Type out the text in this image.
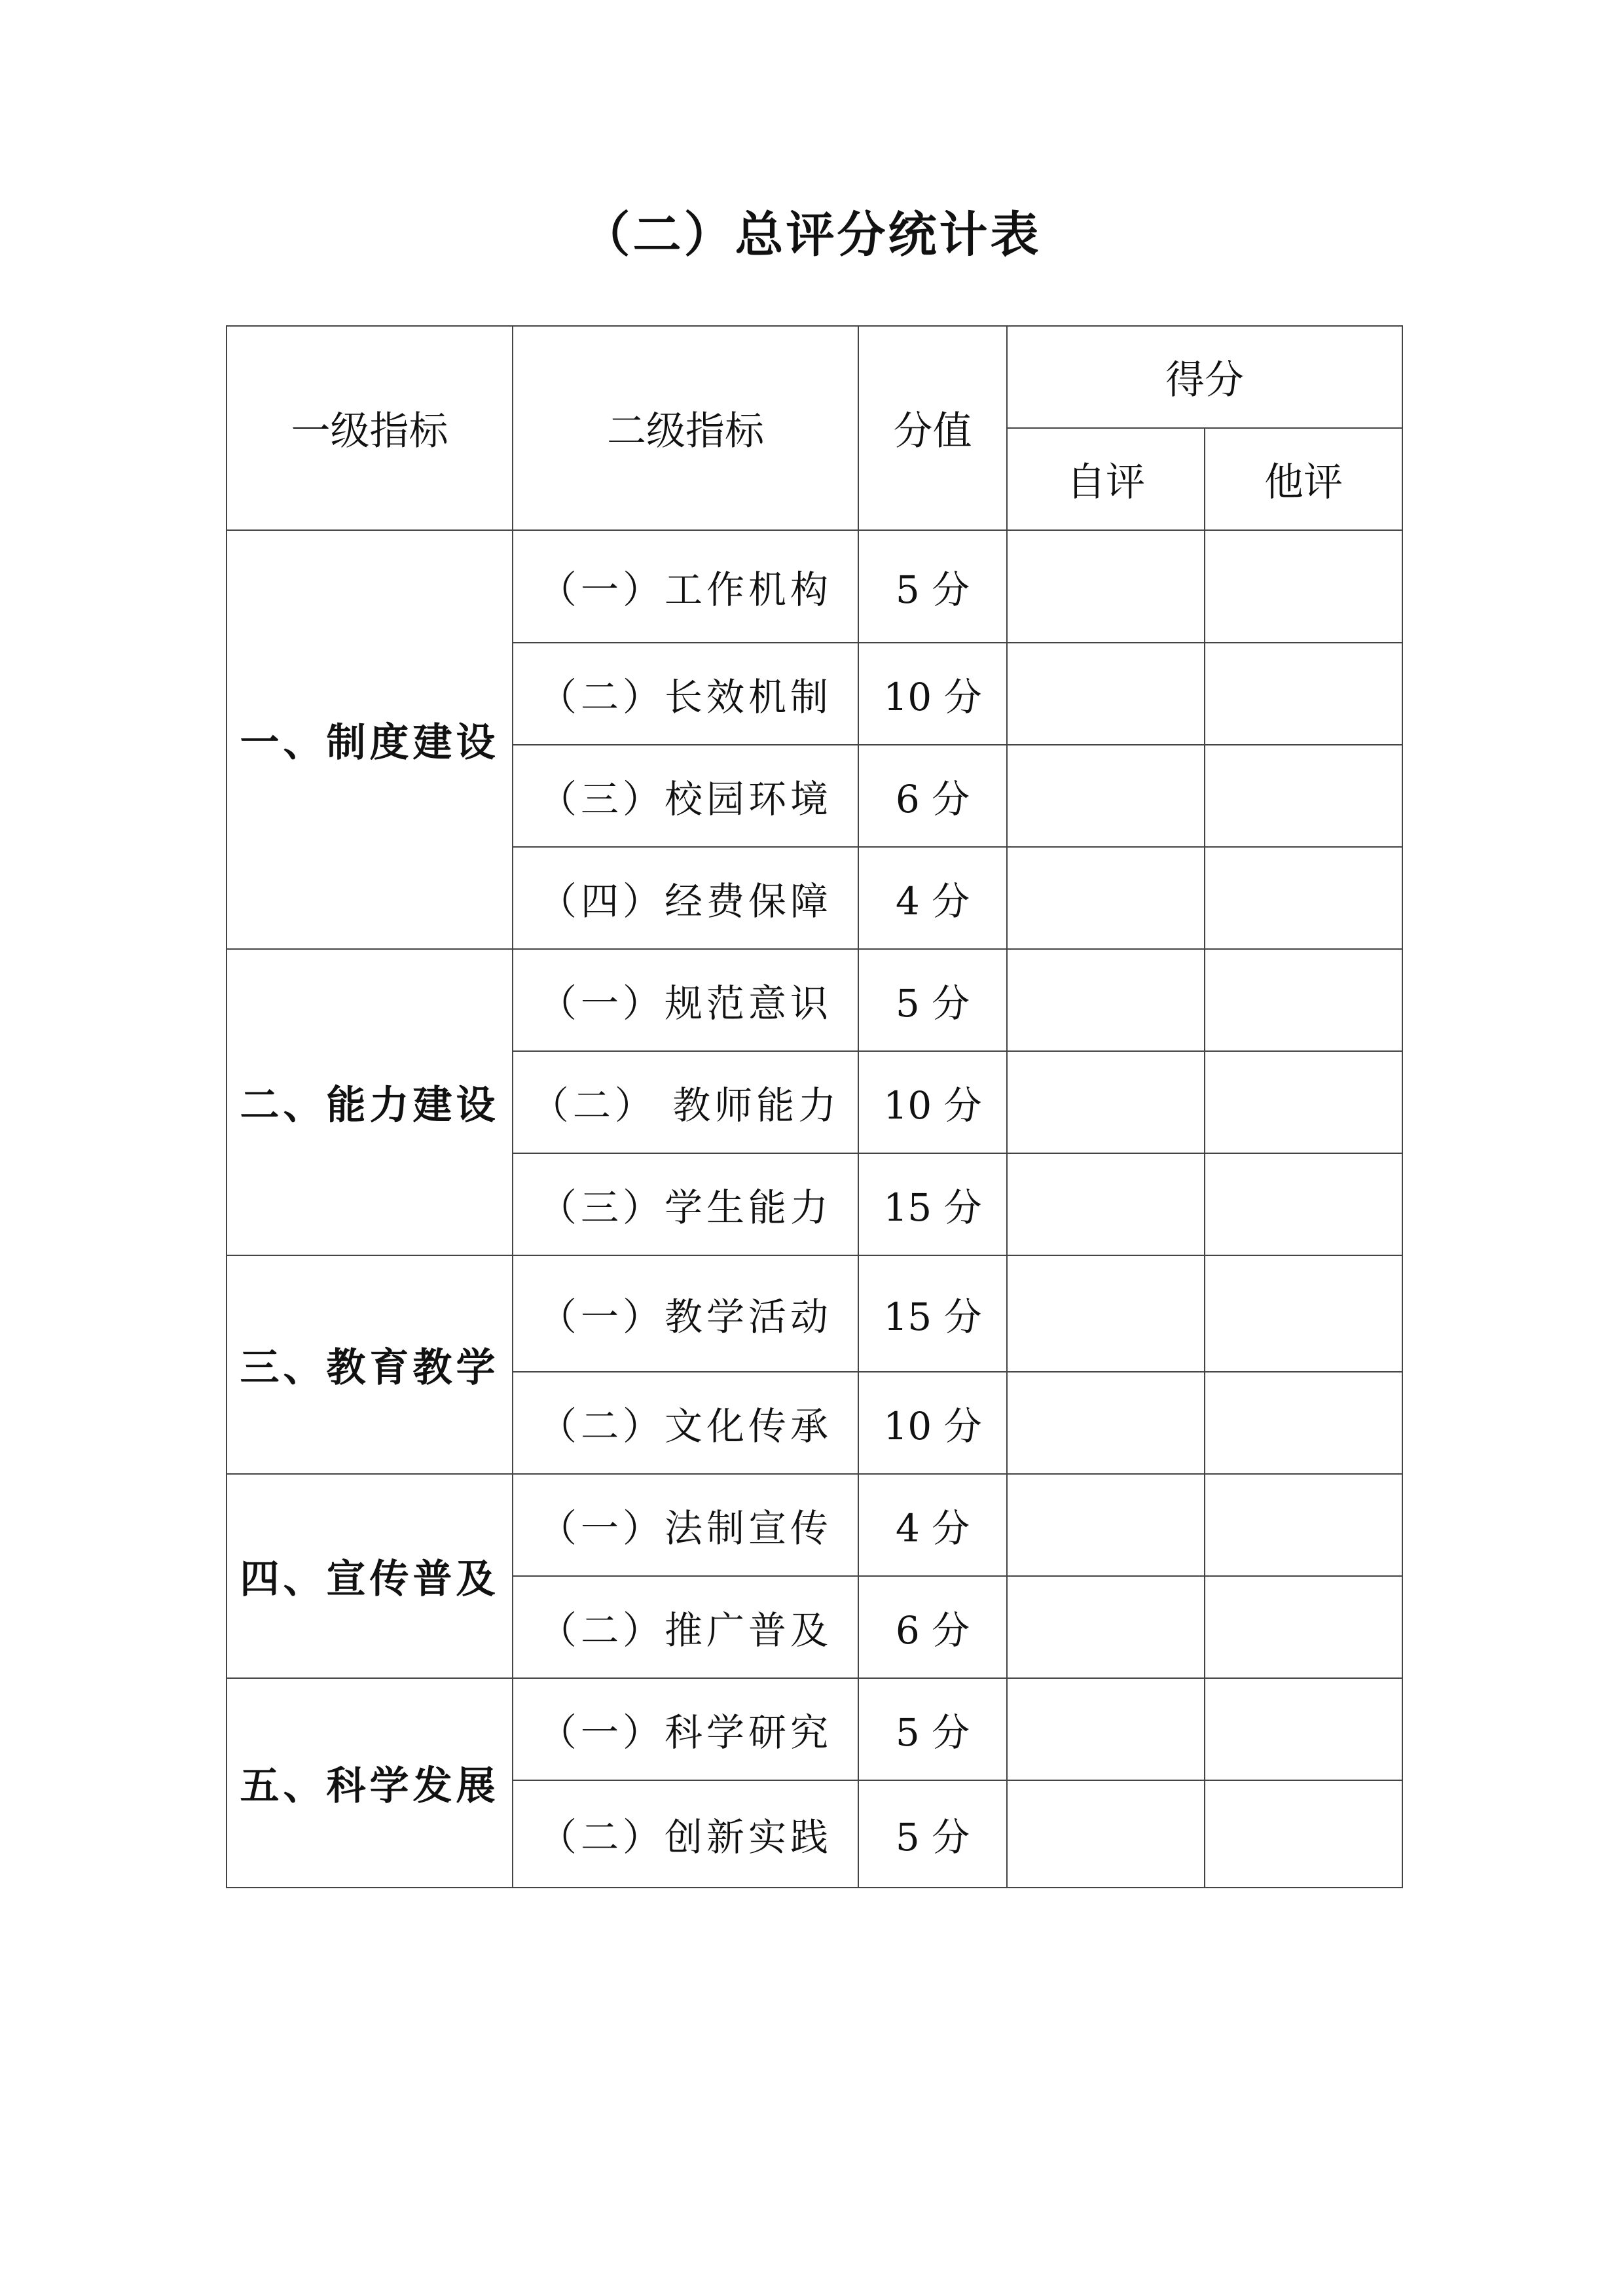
（二）总评分统计表
一级指标	二级指标	分值	得分	
			自评	他评
一、制度建设	（一）工作机构	5 分		
	（二）长效机制	10 分		
	（三）校园环境	6 分		
	（四）经费保障	4 分		
二、能力建设	（一）规范意识	5 分		
	（二） 教师能力	10 分		
	（三）学生能力	15 分		
三、教育教学	（一）教学活动	15 分		
	（二）文化传承	10 分		
四、宣传普及	（一）法制宣传	4 分		
	（二）推广普及	6 分		
五、科学发展	（一）科学研究	5 分		
	（二）创新实践	5 分		
